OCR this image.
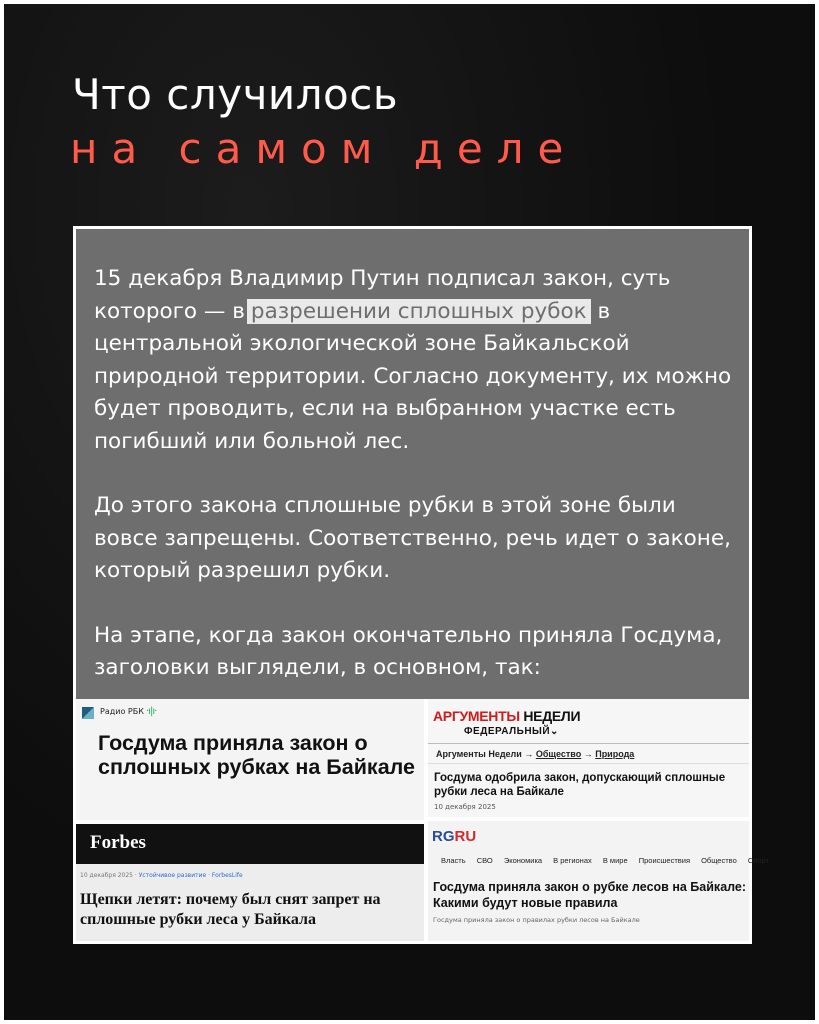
Что случилось
на самом деле

15 декабря Владимир Путин подписал закон, суть которого — в разрешении сплошных рубок в центральной экологической зоне Байкальской природной территории. Согласно документу, их можно будет проводить, если на выбранном участке есть погибший или больной лес.

До этого закона сплошные рубки в этой зоне были вовсе запрещены. Соответственно, речь идет о законе, который разрешил рубки.

На этапе, когда закон окончательно приняла Госдума, заголовки выглядели, в основном, так:

Радио РБК ·ı|ı·
Госдума приняла закон о сплошных рубках на Байкале
АРГУМЕНТЫ НЕДЕЛИ
ФЕДЕРАЛЬНЫЙ⌄
Аргументы Недели → Общество → Природа
Госдума одобрила закон, допускающий сплошные рубки леса на Байкале
10 декабря 2025
Forbes
10 декабря 2025 · Устойчивое развитие · ForbesLife
Щепки летят: почему был снят запрет на сплошные рубки леса у Байкала
RGRU
Власть СВО Экономика В регионах В мире Происшествия Общество Спорт
Госдума приняла закон о рубке лесов на Байкале: Какими будут новые правила
Госдума приняла закон о правилах рубки лесов на Байкале
